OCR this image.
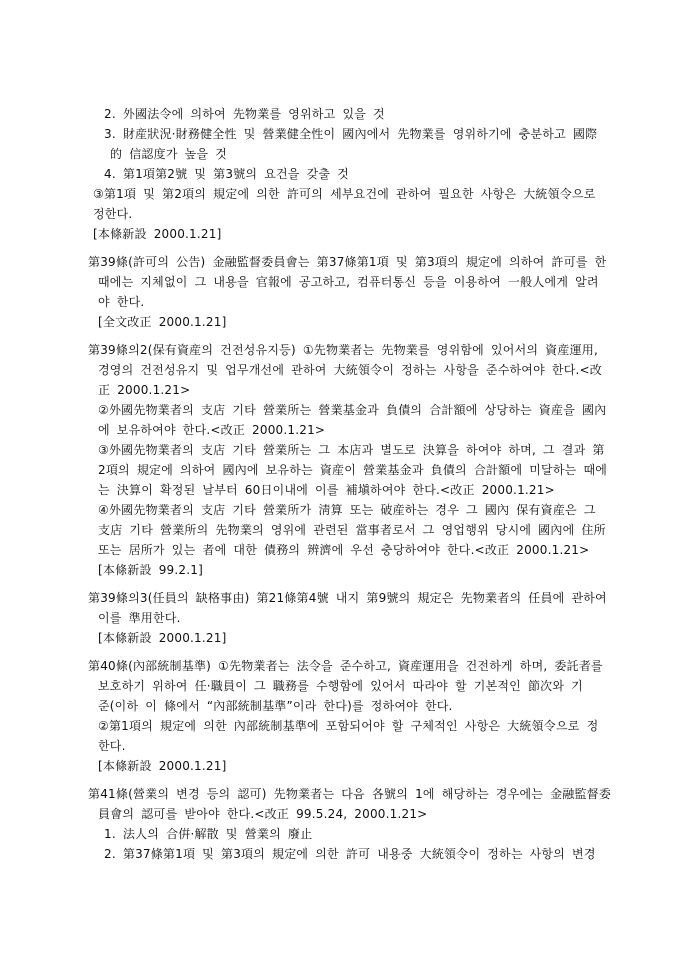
2. 外國法令에 의하여 先物業를 영위하고 있을 것
3. 財産狀況·財務健全性 및 營業健全性이 國內에서 先物業를 영위하기에 충분하고 國際
的 信認度가 높을 것
4. 第1項第2號 및 第3號의 요건을 갖출 것
③第1項 및 第2項의 規定에 의한 許可의 세부요건에 관하여 필요한 사항은 大統領令으로
정한다.
[本條新設 2000.1.21]
第39條(許可의 公告) 金融監督委員會는 第37條第1項 및 第3項의 規定에 의하여 許可를 한
때에는 지체없이 그 내용을 官報에 공고하고, 컴퓨터통신 등을 이용하여 一般人에게 알려
야 한다.
[全文改正 2000.1.21]
第39條의2(保有資産의 건전성유지등) ①先物業者는 先物業를 영위함에 있어서의 資産運用,
경영의 건전성유지 및 업무개선에 관하여 大統領令이 정하는 사항을 준수하여야 한다.<改
正 2000.1.21>
②外國先物業者의 支店 기타 營業所는 營業基金과 負債의 合計額에 상당하는 資産을 國內
에 보유하여야 한다.<改正 2000.1.21>
③外國先物業者의 支店 기타 營業所는 그 本店과 별도로 決算을 하여야 하며, 그 결과 第
2項의 規定에 의하여 國內에 보유하는 資産이 營業基金과 負債의 合計額에 미달하는 때에
는 決算이 확정된 날부터 60日이내에 이를 補塡하여야 한다.<改正 2000.1.21>
④外國先物業者의 支店 기타 營業所가 淸算 또는 破産하는 경우 그 國內 保有資産은 그
支店 기타 營業所의 先物業의 영위에 관련된 當事者로서 그 영업행위 당시에 國內에 住所
또는 居所가 있는 者에 대한 債務의 辨濟에 우선 충당하여야 한다.<改正 2000.1.21>
[本條新設 99.2.1]
第39條의3(任員의 缺格事由) 第21條第4號 내지 第9號의 規定은 先物業者의 任員에 관하여
이를 準用한다.
[本條新設 2000.1.21]
第40條(內部統制基準) ①先物業者는 法令을 준수하고, 資産運用을 건전하게 하며, 委託者를
보호하기 위하여 任·職員이 그 職務를 수행함에 있어서 따라야 할 기본적인 節次와 기
준(이하 이 條에서 “內部統制基準”이라 한다)를 정하여야 한다.
②第1項의 規定에 의한 內部統制基準에 포함되어야 할 구체적인 사항은 大統領令으로 정
한다.
[本條新設 2000.1.21]
第41條(營業의 변경 등의 認可) 先物業者는 다음 各號의 1에 해당하는 경우에는 金融監督委
員會의 認可를 받아야 한다.<改正 99.5.24, 2000.1.21>
1. 法人의 合倂·解散 및 營業의 廢止
2. 第37條第1項 및 第3項의 規定에 의한 許可 내용중 大統領令이 정하는 사항의 변경
